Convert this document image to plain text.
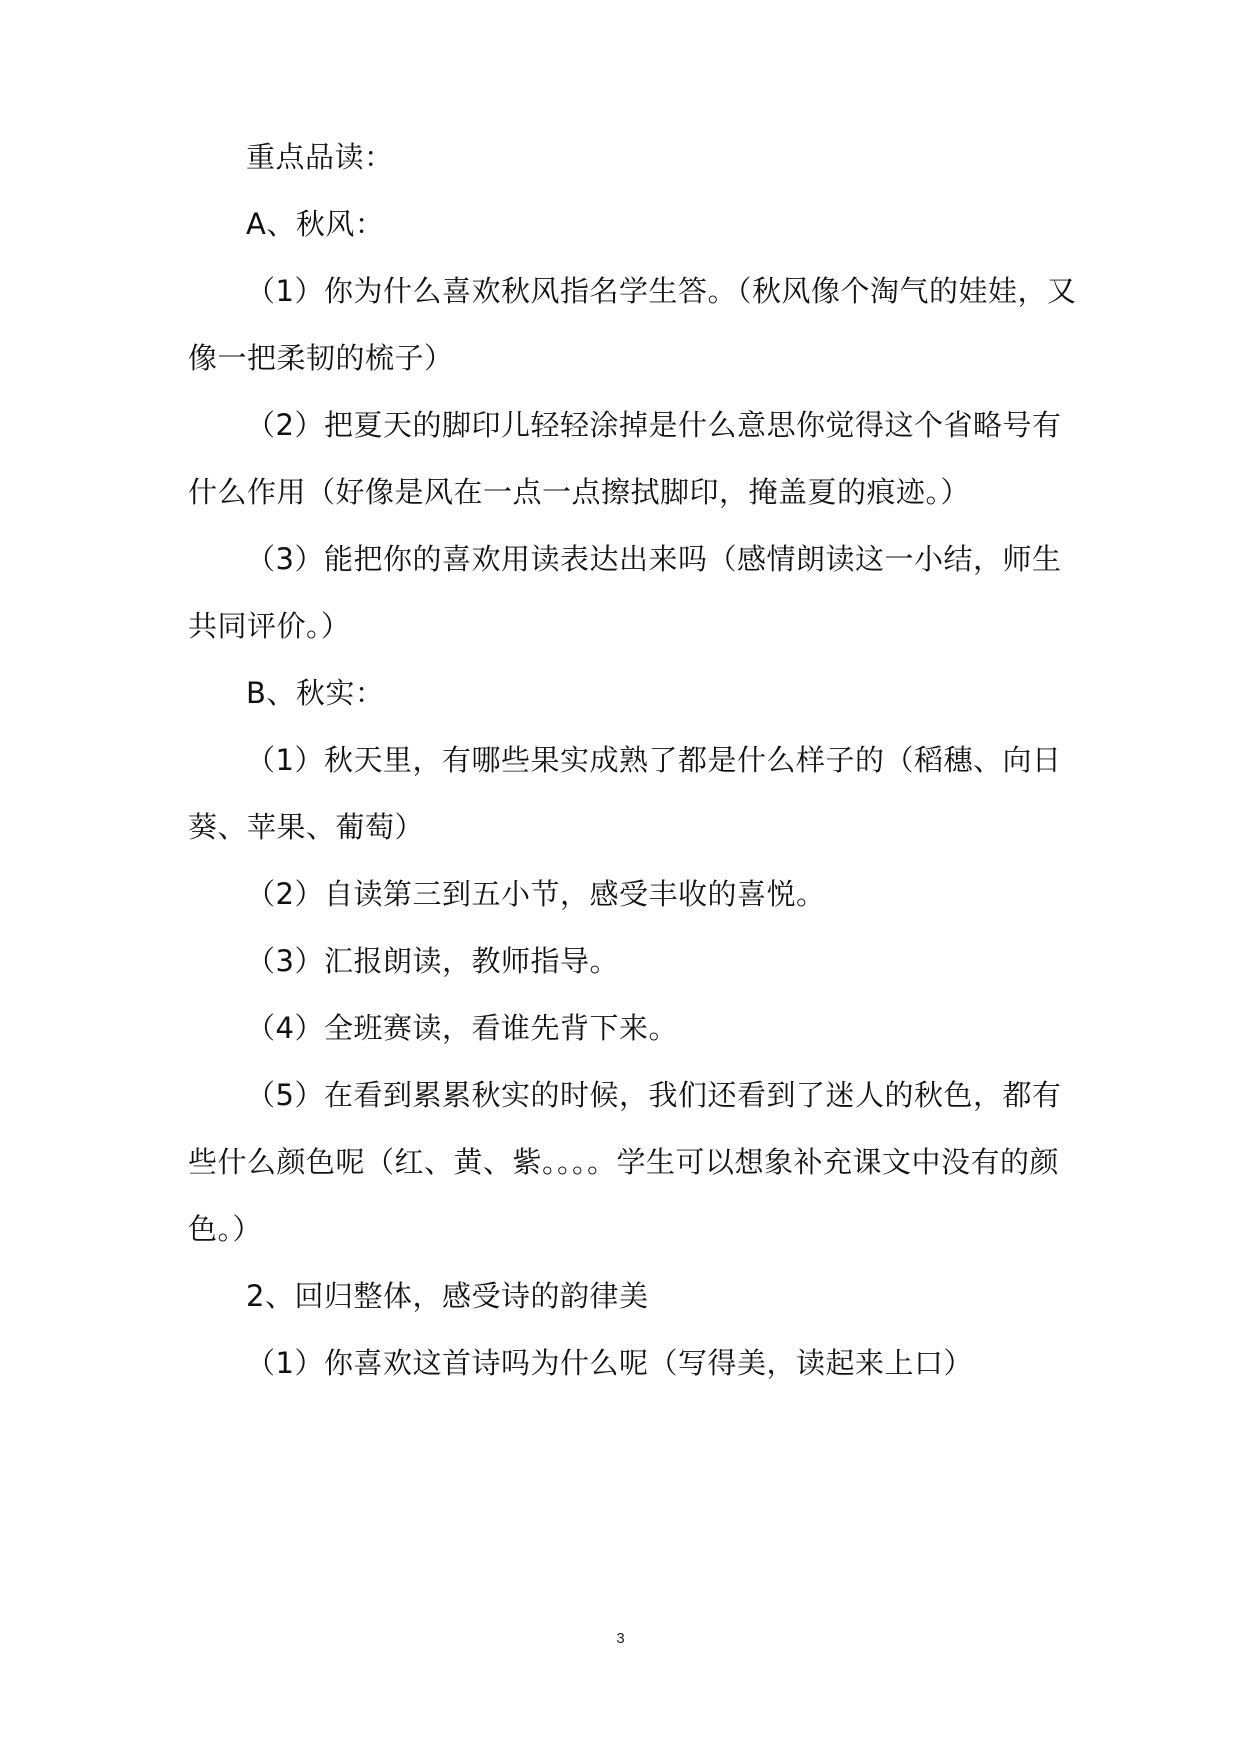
重点品读：
A、秋风：
（1）你为什么喜欢秋风指名学生答。（秋风像个淘气的娃娃，又
像一把柔韧的梳子）
（2）把夏天的脚印儿轻轻涂掉是什么意思你觉得这个省略号有
什么作用（好像是风在一点一点擦拭脚印，掩盖夏的痕迹。）
（3）能把你的喜欢用读表达出来吗（感情朗读这一小结，师生
共同评价。）
B、秋实：
（1）秋天里，有哪些果实成熟了都是什么样子的（稻穗、向日
葵、苹果、葡萄）
（2）自读第三到五小节，感受丰收的喜悦。
（3）汇报朗读，教师指导。
（4）全班赛读，看谁先背下来。
（5）在看到累累秋实的时候，我们还看到了迷人的秋色，都有
些什么颜色呢（红、黄、紫。。。。学生可以想象补充课文中没有的颜
色。）
2、回归整体，感受诗的韵律美
（1）你喜欢这首诗吗为什么呢（写得美，读起来上口）
3
